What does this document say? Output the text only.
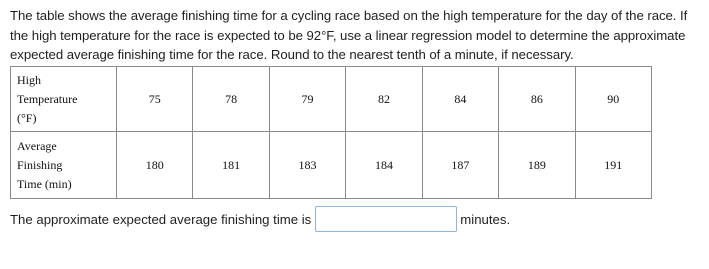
The table shows the average finishing time for a cycling race based on the high temperature for the day of the race. If the high temperature for the race is expected to be 92°F, use a linear regression model to determine the approximate expected average finishing time for the race. Round to the nearest tenth of a minute, if necessary.

High
Temperature
(°F)	75	78	79	82	84	86	90
Average
Finishing
Time (min)	180	181	183	184	187	189	191
The approximate expected average finishing time is	minutes.
